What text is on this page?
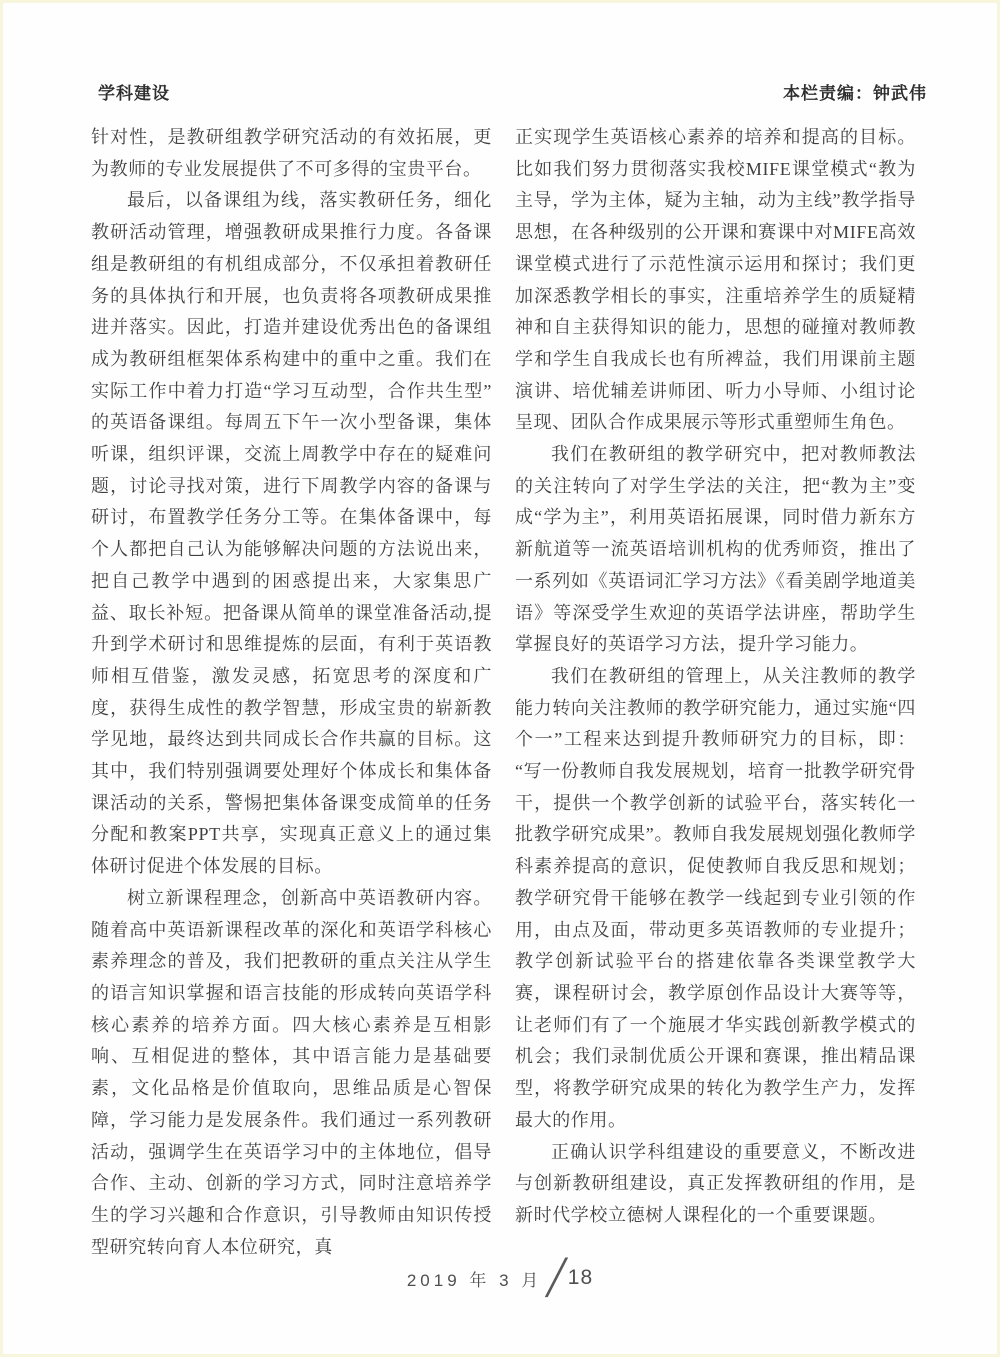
学科建设	本栏责编：钟武伟

针对性，是教研组教学研究活动的有效拓展，更为教师的专业发展提供了不可多得的宝贵平台。

最后，以备课组为线，落实教研任务，细化教研活动管理，增强教研成果推行力度。各备课组是教研组的有机组成部分，不仅承担着教研任务的具体执行和开展，也负责将各项教研成果推进并落实。因此，打造并建设优秀出色的备课组成为教研组框架体系构建中的重中之重。我们在实际工作中着力打造“学习互动型，合作共生型”的英语备课组。每周五下午一次小型备课，集体听课，组织评课，交流上周教学中存在的疑难问题，讨论寻找对策，进行下周教学内容的备课与研讨，布置教学任务分工等。在集体备课中，每个人都把自己认为能够解决问题的方法说出来，把自己教学中遇到的困惑提出来，大家集思广益、取长补短。把备课从简单的课堂准备活动,提升到学术研讨和思维提炼的层面，有利于英语教师相互借鉴，激发灵感，拓宽思考的深度和广度，获得生成性的教学智慧，形成宝贵的崭新教学见地，最终达到共同成长合作共赢的目标。这其中，我们特别强调要处理好个体成长和集体备课活动的关系，警惕把集体备课变成简单的任务分配和教案PPT共享，实现真正意义上的通过集体研讨促进个体发展的目标。

树立新课程理念，创新高中英语教研内容。随着高中英语新课程改革的深化和英语学科核心素养理念的普及，我们把教研的重点关注从学生的语言知识掌握和语言技能的形成转向英语学科核心素养的培养方面。四大核心素养是互相影响、互相促进的整体，其中语言能力是基础要素，文化品格是价值取向，思维品质是心智保障，学习能力是发展条件。我们通过一系列教研活动，强调学生在英语学习中的主体地位，倡导合作、主动、创新的学习方式，同时注意培养学生的学习兴趣和合作意识，引导教师由知识传授型研究转向育人本位研究，真

正实现学生英语核心素养的培养和提高的目标。比如我们努力贯彻落实我校MIFE课堂模式“教为主导，学为主体，疑为主轴，动为主线”教学指导思想，在各种级别的公开课和赛课中对MIFE高效课堂模式进行了示范性演示运用和探讨；我们更加深悉教学相长的事实，注重培养学生的质疑精神和自主获得知识的能力，思想的碰撞对教师教学和学生自我成长也有所裨益，我们用课前主题演讲、培优辅差讲师团、听力小导师、小组讨论呈现、团队合作成果展示等形式重塑师生角色。

我们在教研组的教学研究中，把对教师教法的关注转向了对学生学法的关注，把“教为主”变成“学为主”，利用英语拓展课，同时借力新东方新航道等一流英语培训机构的优秀师资，推出了一系列如《英语词汇学习方法》《看美剧学地道美语》等深受学生欢迎的英语学法讲座，帮助学生掌握良好的英语学习方法，提升学习能力。

我们在教研组的管理上，从关注教师的教学能力转向关注教师的教学研究能力，通过实施“四个一”工程来达到提升教师研究力的目标，即：“写一份教师自我发展规划，培育一批教学研究骨干，提供一个教学创新的试验平台，落实转化一批教学研究成果”。教师自我发展规划强化教师学科素养提高的意识，促使教师自我反思和规划；教学研究骨干能够在教学一线起到专业引领的作用，由点及面，带动更多英语教师的专业提升；教学创新试验平台的搭建依靠各类课堂教学大赛，课程研讨会，教学原创作品设计大赛等等，让老师们有了一个施展才华实践创新教学模式的机会；我们录制优质公开课和赛课，推出精品课型，将教学研究成果的转化为教学生产力，发挥最大的作用。

正确认识学科组建设的重要意义，不断改进与创新教研组建设，真正发挥教研组的作用，是新时代学校立德树人课程化的一个重要课题。

2019 年 3 月 ╱ 18
